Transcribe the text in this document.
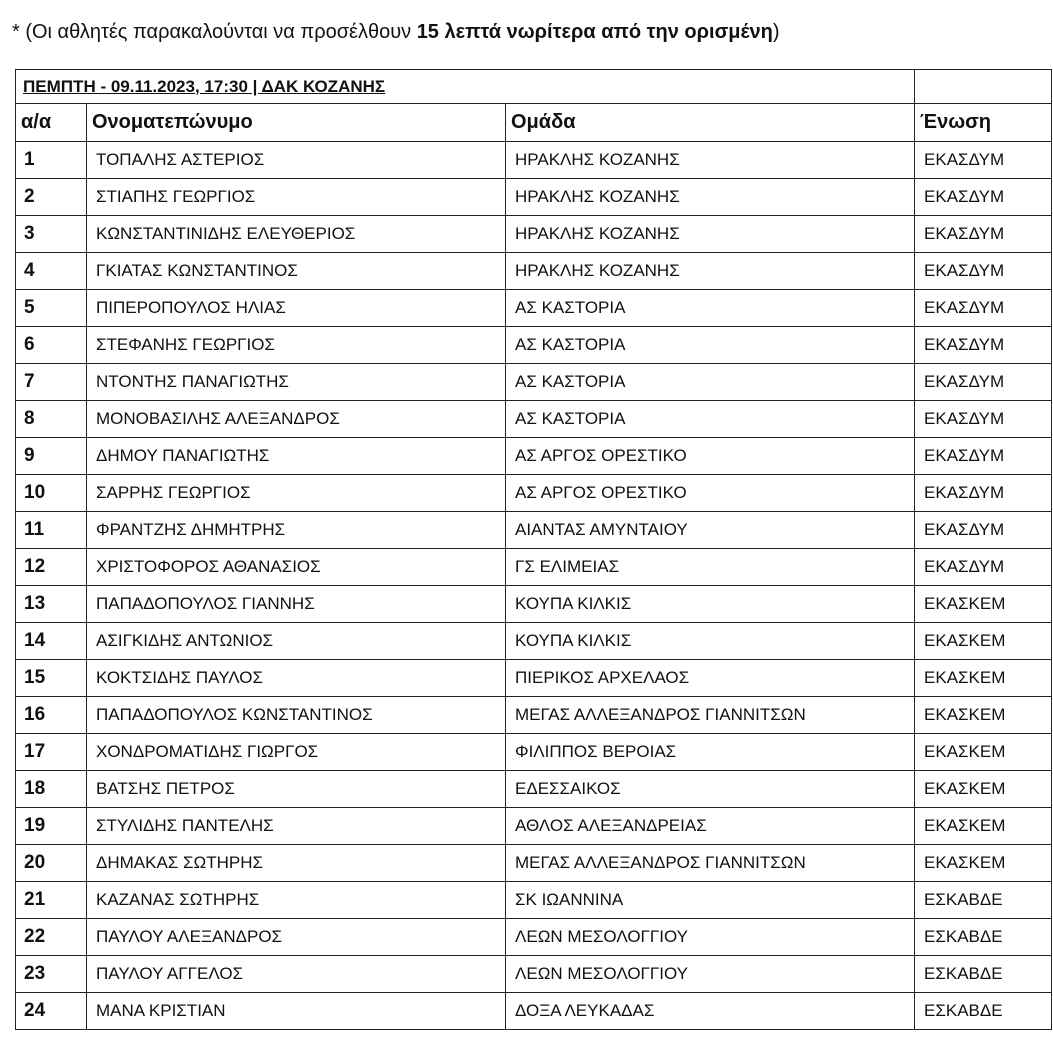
* (Οι αθλητές παρακαλούνται να προσέλθουν 15 λεπτά νωρίτερα από την ορισμένη)
ΠΕΜΠΤΗ - 09.11.2023, 17:30 | ΔΑΚ ΚΟΖΑΝΗΣ			
α/α	Ονοματεπώνυμο	Ομάδα	Ένωση
1	ΤΟΠΑΛΗΣ ΑΣΤΕΡΙΟΣ	ΗΡΑΚΛΗΣ ΚΟΖΑΝΗΣ	ΕΚΑΣΔΥΜ
2	ΣΤΙΑΠΗΣ ΓΕΩΡΓΙΟΣ	ΗΡΑΚΛΗΣ ΚΟΖΑΝΗΣ	ΕΚΑΣΔΥΜ
3	ΚΩΝΣΤΑΝΤΙΝΙΔΗΣ ΕΛΕΥΘΕΡΙΟΣ	ΗΡΑΚΛΗΣ ΚΟΖΑΝΗΣ	ΕΚΑΣΔΥΜ
4	ΓΚΙΑΤΑΣ ΚΩΝΣΤΑΝΤΙΝΟΣ	ΗΡΑΚΛΗΣ ΚΟΖΑΝΗΣ	ΕΚΑΣΔΥΜ
5	ΠΙΠΕΡΟΠΟΥΛΟΣ ΗΛΙΑΣ	ΑΣ ΚΑΣΤΟΡΙΑ	ΕΚΑΣΔΥΜ
6	ΣΤΕΦΑΝΗΣ ΓΕΩΡΓΙΟΣ	ΑΣ ΚΑΣΤΟΡΙΑ	ΕΚΑΣΔΥΜ
7	ΝΤΟΝΤΗΣ ΠΑΝΑΓΙΩΤΗΣ	ΑΣ ΚΑΣΤΟΡΙΑ	ΕΚΑΣΔΥΜ
8	ΜΟΝΟΒΑΣΙΛΗΣ ΑΛΕΞΑΝΔΡΟΣ	ΑΣ ΚΑΣΤΟΡΙΑ	ΕΚΑΣΔΥΜ
9	ΔΗΜΟΥ ΠΑΝΑΓΙΩΤΗΣ	ΑΣ ΑΡΓΟΣ ΟΡΕΣΤΙΚΟ	ΕΚΑΣΔΥΜ
10	ΣΑΡΡΗΣ ΓΕΩΡΓΙΟΣ	ΑΣ ΑΡΓΟΣ ΟΡΕΣΤΙΚΟ	ΕΚΑΣΔΥΜ
11	ΦΡΑΝΤΖΗΣ ΔΗΜΗΤΡΗΣ	ΑΙΑΝΤΑΣ ΑΜΥΝΤΑΙΟΥ	ΕΚΑΣΔΥΜ
12	ΧΡΙΣΤΟΦΟΡΟΣ ΑΘΑΝΑΣΙΟΣ	ΓΣ ΕΛΙΜΕΙΑΣ	ΕΚΑΣΔΥΜ
13	ΠΑΠΑΔΟΠΟΥΛΟΣ ΓΙΑΝΝΗΣ	ΚΟΥΠΑ ΚΙΛΚΙΣ	ΕΚΑΣΚΕΜ
14	ΑΣΙΓΚΙΔΗΣ ΑΝΤΩΝΙΟΣ	ΚΟΥΠΑ ΚΙΛΚΙΣ	ΕΚΑΣΚΕΜ
15	ΚΟΚΤΣΙΔΗΣ ΠΑΥΛΟΣ	ΠΙΕΡΙΚΟΣ ΑΡΧΕΛΑΟΣ	ΕΚΑΣΚΕΜ
16	ΠΑΠΑΔΟΠΟΥΛΟΣ ΚΩΝΣΤΑΝΤΙΝΟΣ	ΜΕΓΑΣ ΑΛΛΕΞΑΝΔΡΟΣ ΓΙΑΝΝΙΤΣΩΝ	ΕΚΑΣΚΕΜ
17	ΧΟΝΔΡΟΜΑΤΙΔΗΣ ΓΙΩΡΓΟΣ	ΦΙΛΙΠΠΟΣ ΒΕΡΟΙΑΣ	ΕΚΑΣΚΕΜ
18	ΒΑΤΣΗΣ ΠΕΤΡΟΣ	ΕΔΕΣΣΑΙΚΟΣ	ΕΚΑΣΚΕΜ
19	ΣΤΥΛΙΔΗΣ ΠΑΝΤΕΛΗΣ	ΑΘΛΟΣ ΑΛΕΞΑΝΔΡΕΙΑΣ	ΕΚΑΣΚΕΜ
20	ΔΗΜΑΚΑΣ ΣΩΤΗΡΗΣ	ΜΕΓΑΣ ΑΛΛΕΞΑΝΔΡΟΣ ΓΙΑΝΝΙΤΣΩΝ	ΕΚΑΣΚΕΜ
21	ΚΑΖΑΝΑΣ ΣΩΤΗΡΗΣ	ΣΚ ΙΩΑΝΝΙΝΑ	ΕΣΚΑΒΔΕ
22	ΠΑΥΛΟΥ ΑΛΕΞΑΝΔΡΟΣ	ΛΕΩΝ ΜΕΣΟΛΟΓΓΙΟΥ	ΕΣΚΑΒΔΕ
23	ΠΑΥΛΟΥ ΑΓΓΕΛΟΣ	ΛΕΩΝ ΜΕΣΟΛΟΓΓΙΟΥ	ΕΣΚΑΒΔΕ
24	ΜΑΝΑ ΚΡΙΣΤΙΑΝ	ΔΟΞΑ ΛΕΥΚΑΔΑΣ	ΕΣΚΑΒΔΕ
